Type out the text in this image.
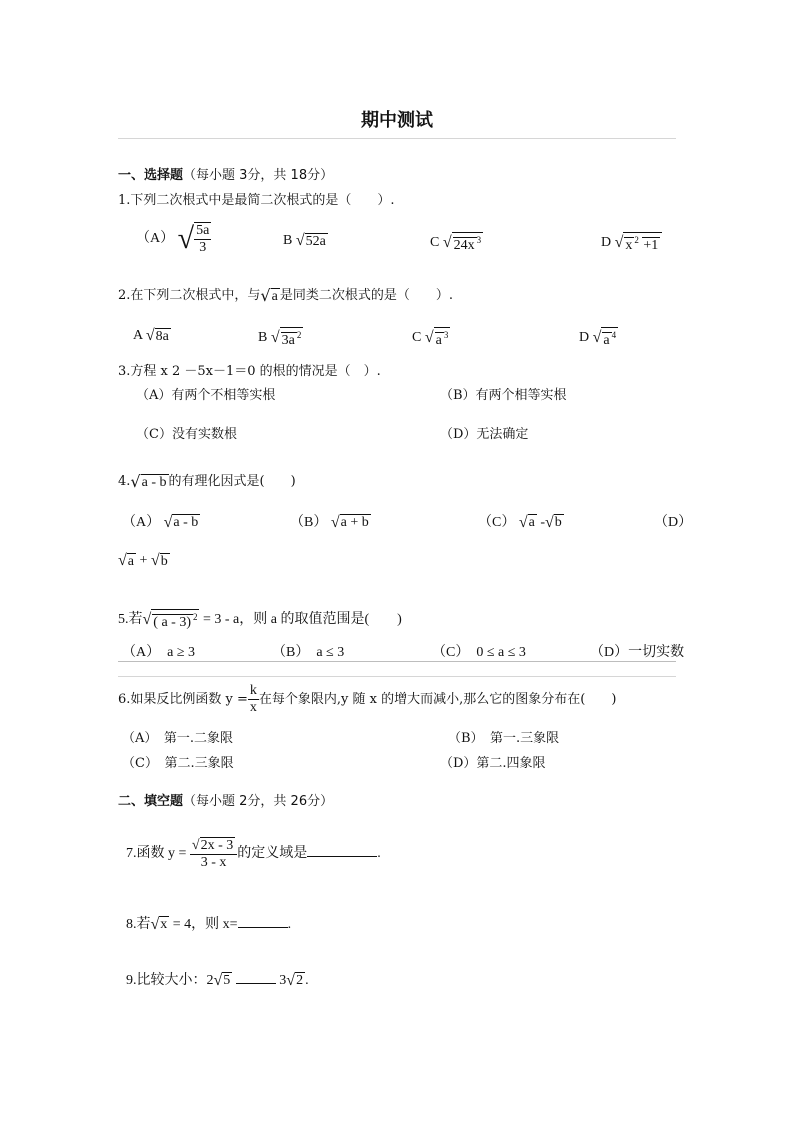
期中测试
一、选择题（每小题 3分，共 18分）
1.下列二次根式中是最简二次根式的是（　　）.
（A） √ $\frac{5a}{3}$	B √52a	C √ 24x $^3$	D √ x $^2$ +1
2.在下列二次根式中，与√a 是同类二次根式的是（　　）.
A √8a	B √ 3a $^2$	C √ a $^3$	D √ a $^4$
3.方程 x 2 －5x－1＝0 的根的情况是（　）.
（A）有两个不相等实根	（B）有两个相等实根
（C）没有实数根	（D）无法确定
4.√a - b 的有理化因式是(　　)
（A） √a - b	（B） √a + b	（C） √a -√b	（D）
√a + √b
5.若√ ( a - 3) $^2$ = 3 - a，则 a 的取值范围是(　　)
（A）　a ≥ 3	（B）　a ≤ 3	（C）　0 ≤ a ≤ 3	（D）一切实数
6.如果反比例函数 $y = \frac{k}{x}$ 在每个象限内,y 随 x 的增大而减小,那么它的图象分布在(　　)
（A）　第一.二象限	（B）　第一.三象限
（C）　第二.三象限	（D）第二.四象限
二、填空题（每小题 2分，共 26分）
7.函数 $y = \frac{√2x - 3}{3 - x}$ 的定义域是	.
8.若√x = 4，则 x=	.
9.比较大小：2√5	3√2 .
